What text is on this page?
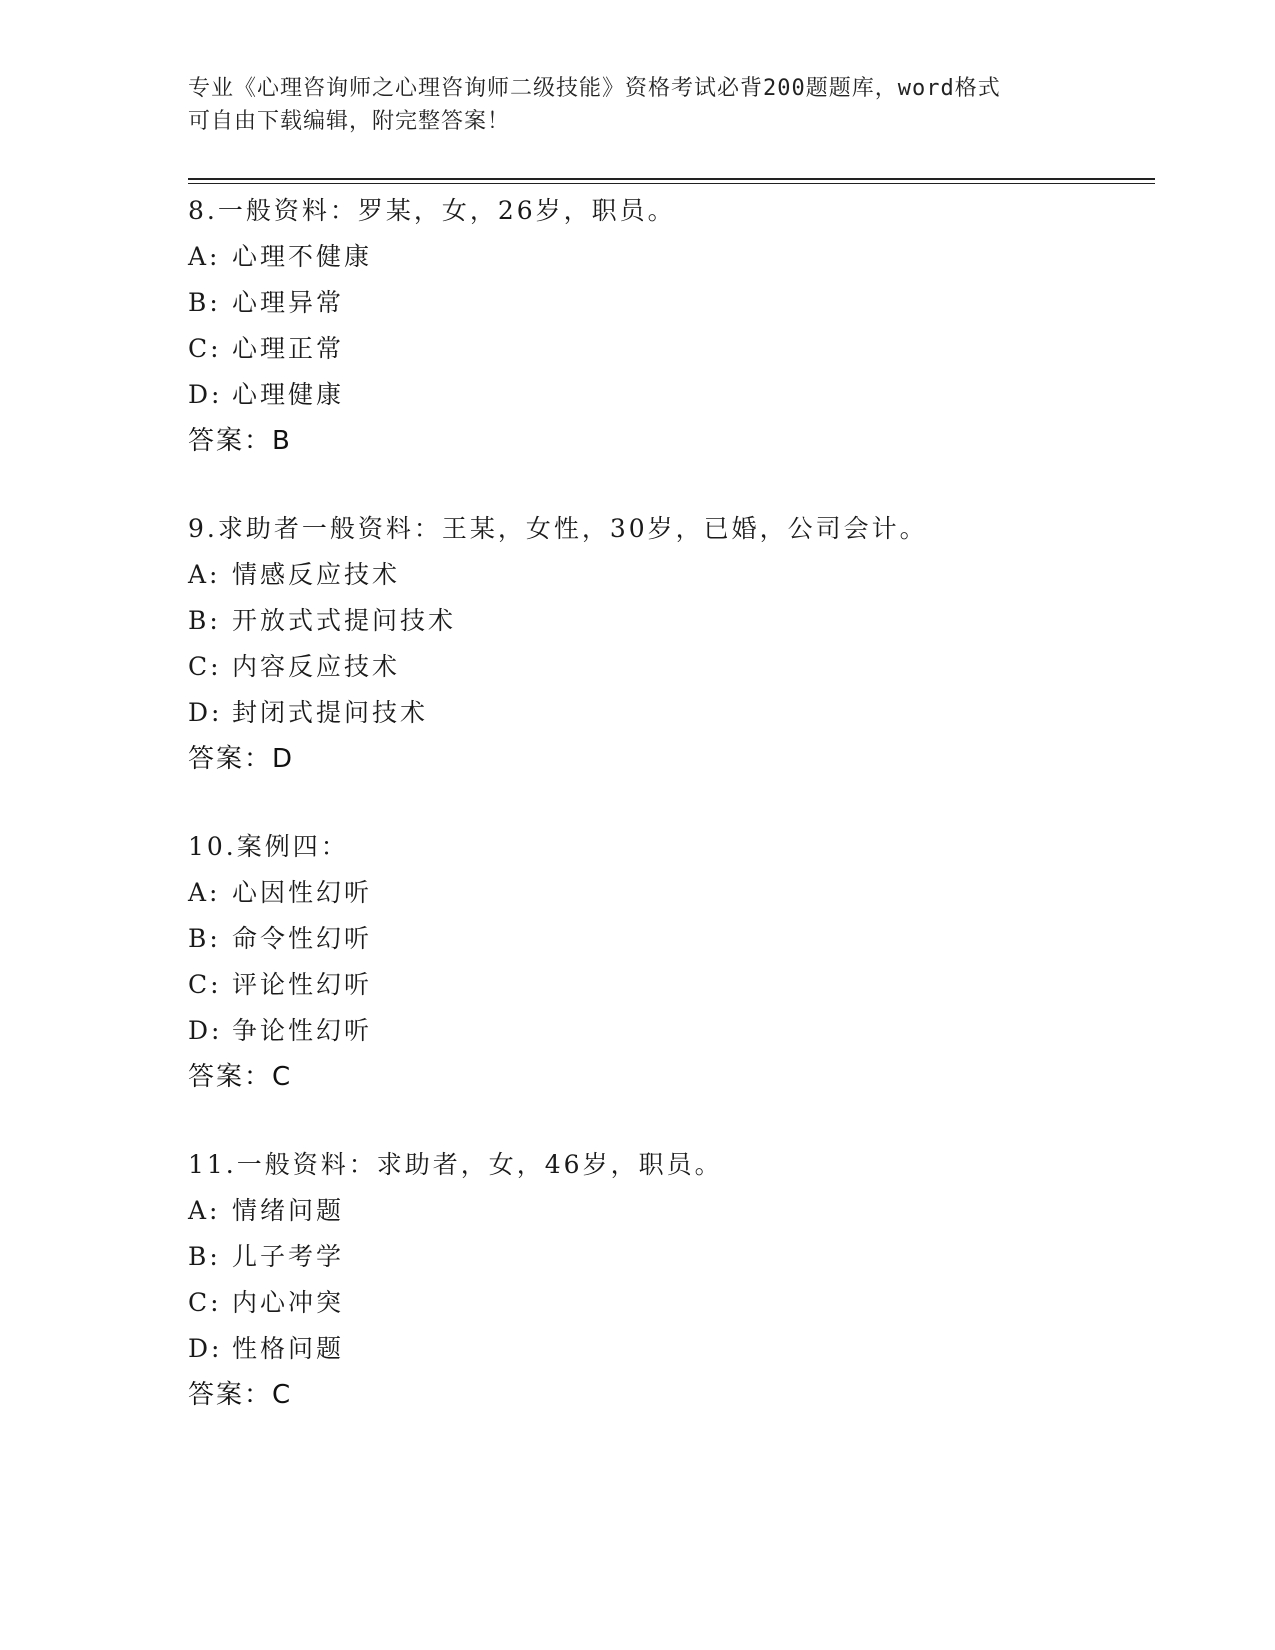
专业《心理咨询师之心理咨询师二级技能》资格考试必背200题题库，word格式
可自由下载编辑，附完整答案！
8.一般资料：罗某，女，26岁，职员。
A: 心理不健康
B: 心理异常
C: 心理正常
D: 心理健康
答案：B
9.求助者一般资料：王某，女性，30岁，已婚，公司会计。
A: 情感反应技术
B: 开放式式提问技术
C: 内容反应技术
D: 封闭式提问技术
答案：D
10.案例四：
A: 心因性幻听
B: 命令性幻听
C: 评论性幻听
D: 争论性幻听
答案：C
11.一般资料：求助者，女，46岁，职员。
A: 情绪问题
B: 儿子考学
C: 内心冲突
D: 性格问题
答案：C
